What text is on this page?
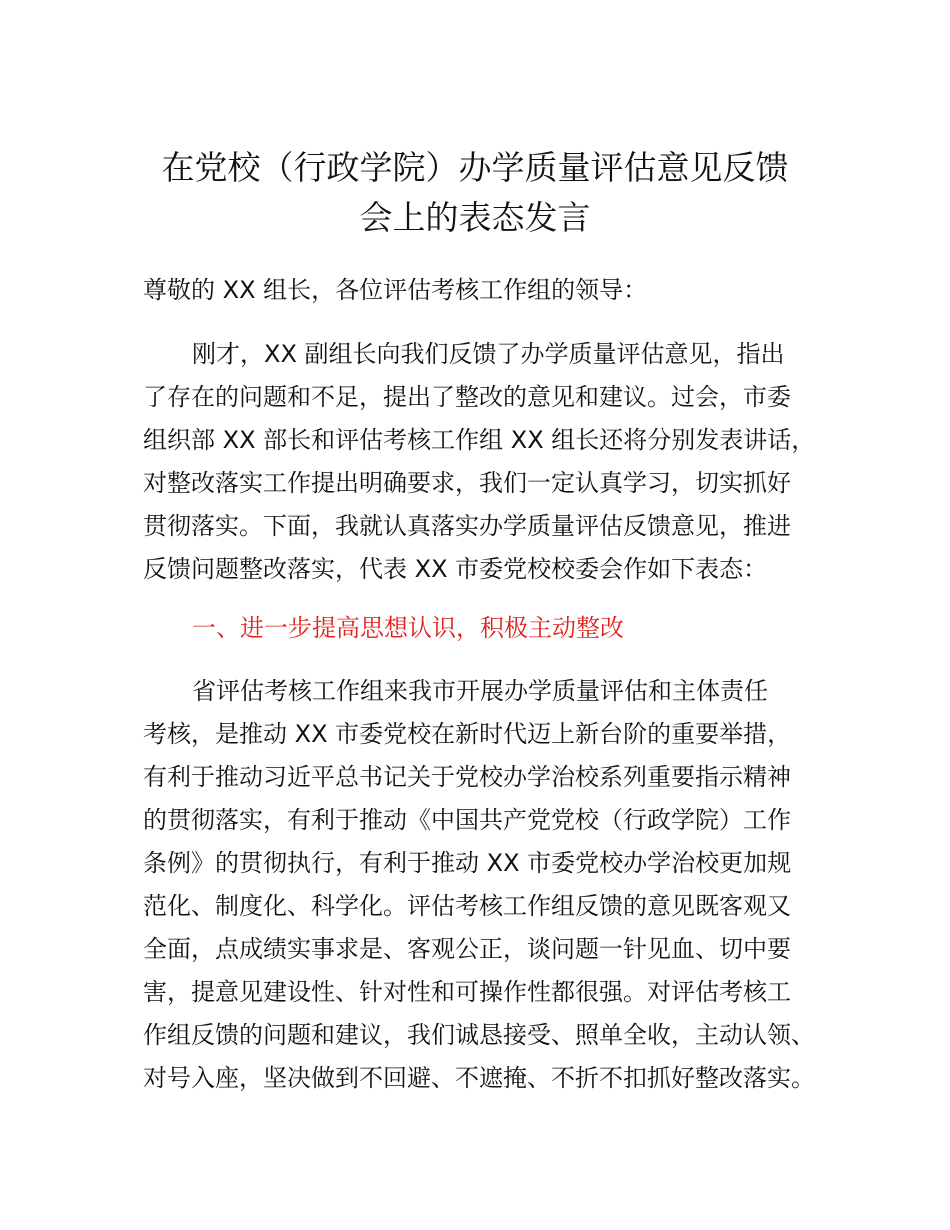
在党校（行政学院）办学质量评估意见反馈
会上的表态发言
尊敬的 XX 组长，各位评估考核工作组的领导：
刚才，XX 副组长向我们反馈了办学质量评估意见，指出
了存在的问题和不足，提出了整改的意见和建议。过会，市委
组织部 XX 部长和评估考核工作组 XX 组长还将分别发表讲话，
对整改落实工作提出明确要求，我们一定认真学习，切实抓好
贯彻落实。下面，我就认真落实办学质量评估反馈意见，推进
反馈问题整改落实，代表 XX 市委党校校委会作如下表态：
一、进一步提高思想认识，积极主动整改
省评估考核工作组来我市开展办学质量评估和主体责任
考核，是推动 XX 市委党校在新时代迈上新台阶的重要举措，
有利于推动习近平总书记关于党校办学治校系列重要指示精神
的贯彻落实，有利于推动《中国共产党党校（行政学院）工作
条例》的贯彻执行，有利于推动 XX 市委党校办学治校更加规
范化、制度化、科学化。评估考核工作组反馈的意见既客观又
全面，点成绩实事求是、客观公正，谈问题一针见血、切中要
害，提意见建设性、针对性和可操作性都很强。对评估考核工
作组反馈的问题和建议，我们诚恳接受、照单全收，主动认领、
对号入座，坚决做到不回避、不遮掩、不折不扣抓好整改落实。
